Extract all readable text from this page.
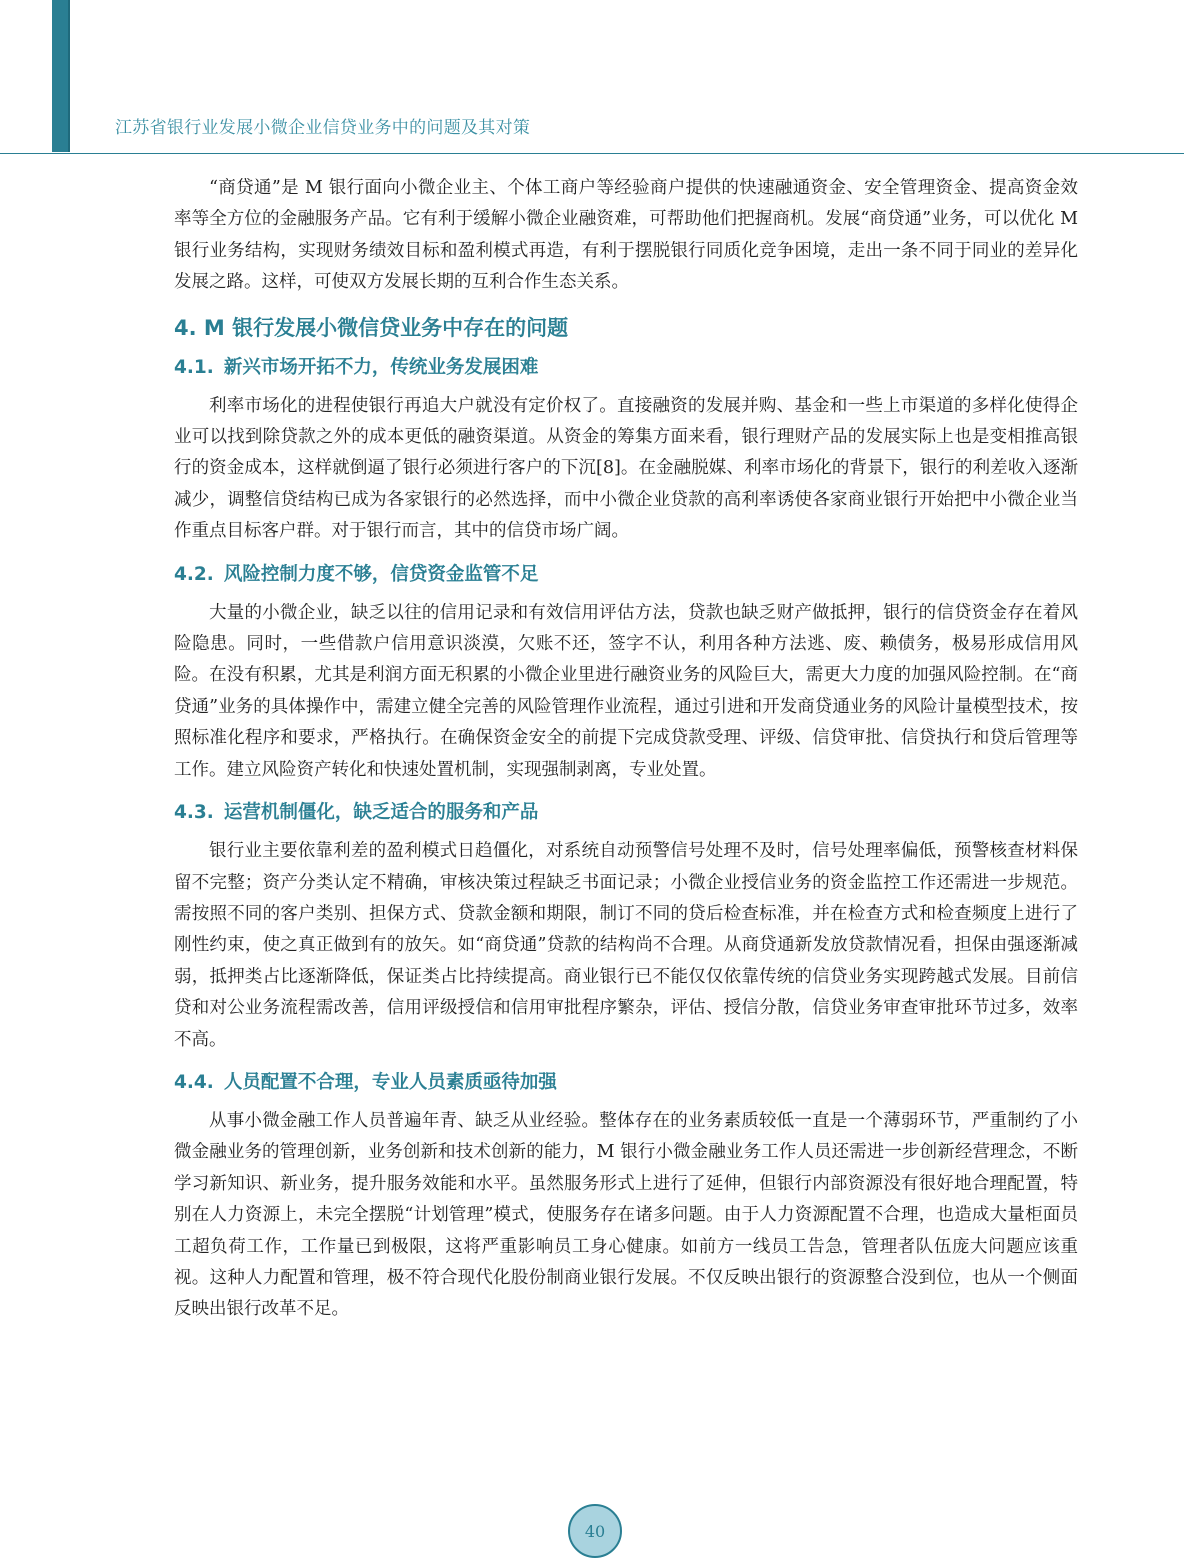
江苏省银行业发展小微企业信贷业务中的问题及其对策

“商贷通”是 M 银行面向小微企业主、个体工商户等经验商户提供的快速融通资金、安全管理资金、提高资金效率等全方位的金融服务产品。它有利于缓解小微企业融资难，可帮助他们把握商机。发展“商贷通”业务，可以优化 M 银行业务结构，实现财务绩效目标和盈利模式再造，有利于摆脱银行同质化竞争困境，走出一条不同于同业的差异化发展之路。这样，可使双方发展长期的互利合作生态关系。

4. M 银行发展小微信贷业务中存在的问题
4.1. 新兴市场开拓不力，传统业务发展困难

利率市场化的进程使银行再追大户就没有定价权了。直接融资的发展并购、基金和一些上市渠道的多样化使得企业可以找到除贷款之外的成本更低的融资渠道。从资金的筹集方面来看，银行理财产品的发展实际上也是变相推高银行的资金成本，这样就倒逼了银行必须进行客户的下沉[8]。在金融脱媒、利率市场化的背景下，银行的利差收入逐渐减少，调整信贷结构已成为各家银行的必然选择，而中小微企业贷款的高利率诱使各家商业银行开始把中小微企业当作重点目标客户群。对于银行而言，其中的信贷市场广阔。

4.2. 风险控制力度不够，信贷资金监管不足

大量的小微企业，缺乏以往的信用记录和有效信用评估方法，贷款也缺乏财产做抵押，银行的信贷资金存在着风险隐患。同时，一些借款户信用意识淡漠，欠账不还，签字不认，利用各种方法逃、废、赖债务，极易形成信用风险。在没有积累，尤其是利润方面无积累的小微企业里进行融资业务的风险巨大，需更大力度的加强风险控制。在“商贷通”业务的具体操作中，需建立健全完善的风险管理作业流程，通过引进和开发商贷通业务的风险计量模型技术，按照标准化程序和要求，严格执行。在确保资金安全的前提下完成贷款受理、评级、信贷审批、信贷执行和贷后管理等工作。建立风险资产转化和快速处置机制，实现强制剥离，专业处置。

4.3. 运营机制僵化，缺乏适合的服务和产品

银行业主要依靠利差的盈利模式日趋僵化，对系统自动预警信号处理不及时，信号处理率偏低，预警核查材料保留不完整；资产分类认定不精确，审核决策过程缺乏书面记录；小微企业授信业务的资金监控工作还需进一步规范。需按照不同的客户类别、担保方式、贷款金额和期限，制订不同的贷后检查标准，并在检查方式和检查频度上进行了刚性约束，使之真正做到有的放矢。如“商贷通”贷款的结构尚不合理。从商贷通新发放贷款情况看，担保由强逐渐减弱，抵押类占比逐渐降低，保证类占比持续提高。商业银行已不能仅仅依靠传统的信贷业务实现跨越式发展。目前信贷和对公业务流程需改善，信用评级授信和信用审批程序繁杂，评估、授信分散，信贷业务审查审批环节过多，效率不高。

4.4. 人员配置不合理，专业人员素质亟待加强

从事小微金融工作人员普遍年青、缺乏从业经验。整体存在的业务素质较低一直是一个薄弱环节，严重制约了小微金融业务的管理创新，业务创新和技术创新的能力，M 银行小微金融业务工作人员还需进一步创新经营理念，不断学习新知识、新业务，提升服务效能和水平。虽然服务形式上进行了延伸，但银行内部资源没有很好地合理配置，特别在人力资源上，未完全摆脱“计划管理”模式，使服务存在诸多问题。由于人力资源配置不合理，也造成大量柜面员工超负荷工作，工作量已到极限，这将严重影响员工身心健康。如前方一线员工告急，管理者队伍庞大问题应该重视。这种人力配置和管理，极不符合现代化股份制商业银行发展。不仅反映出银行的资源整合没到位，也从一个侧面反映出银行改革不足。

40
